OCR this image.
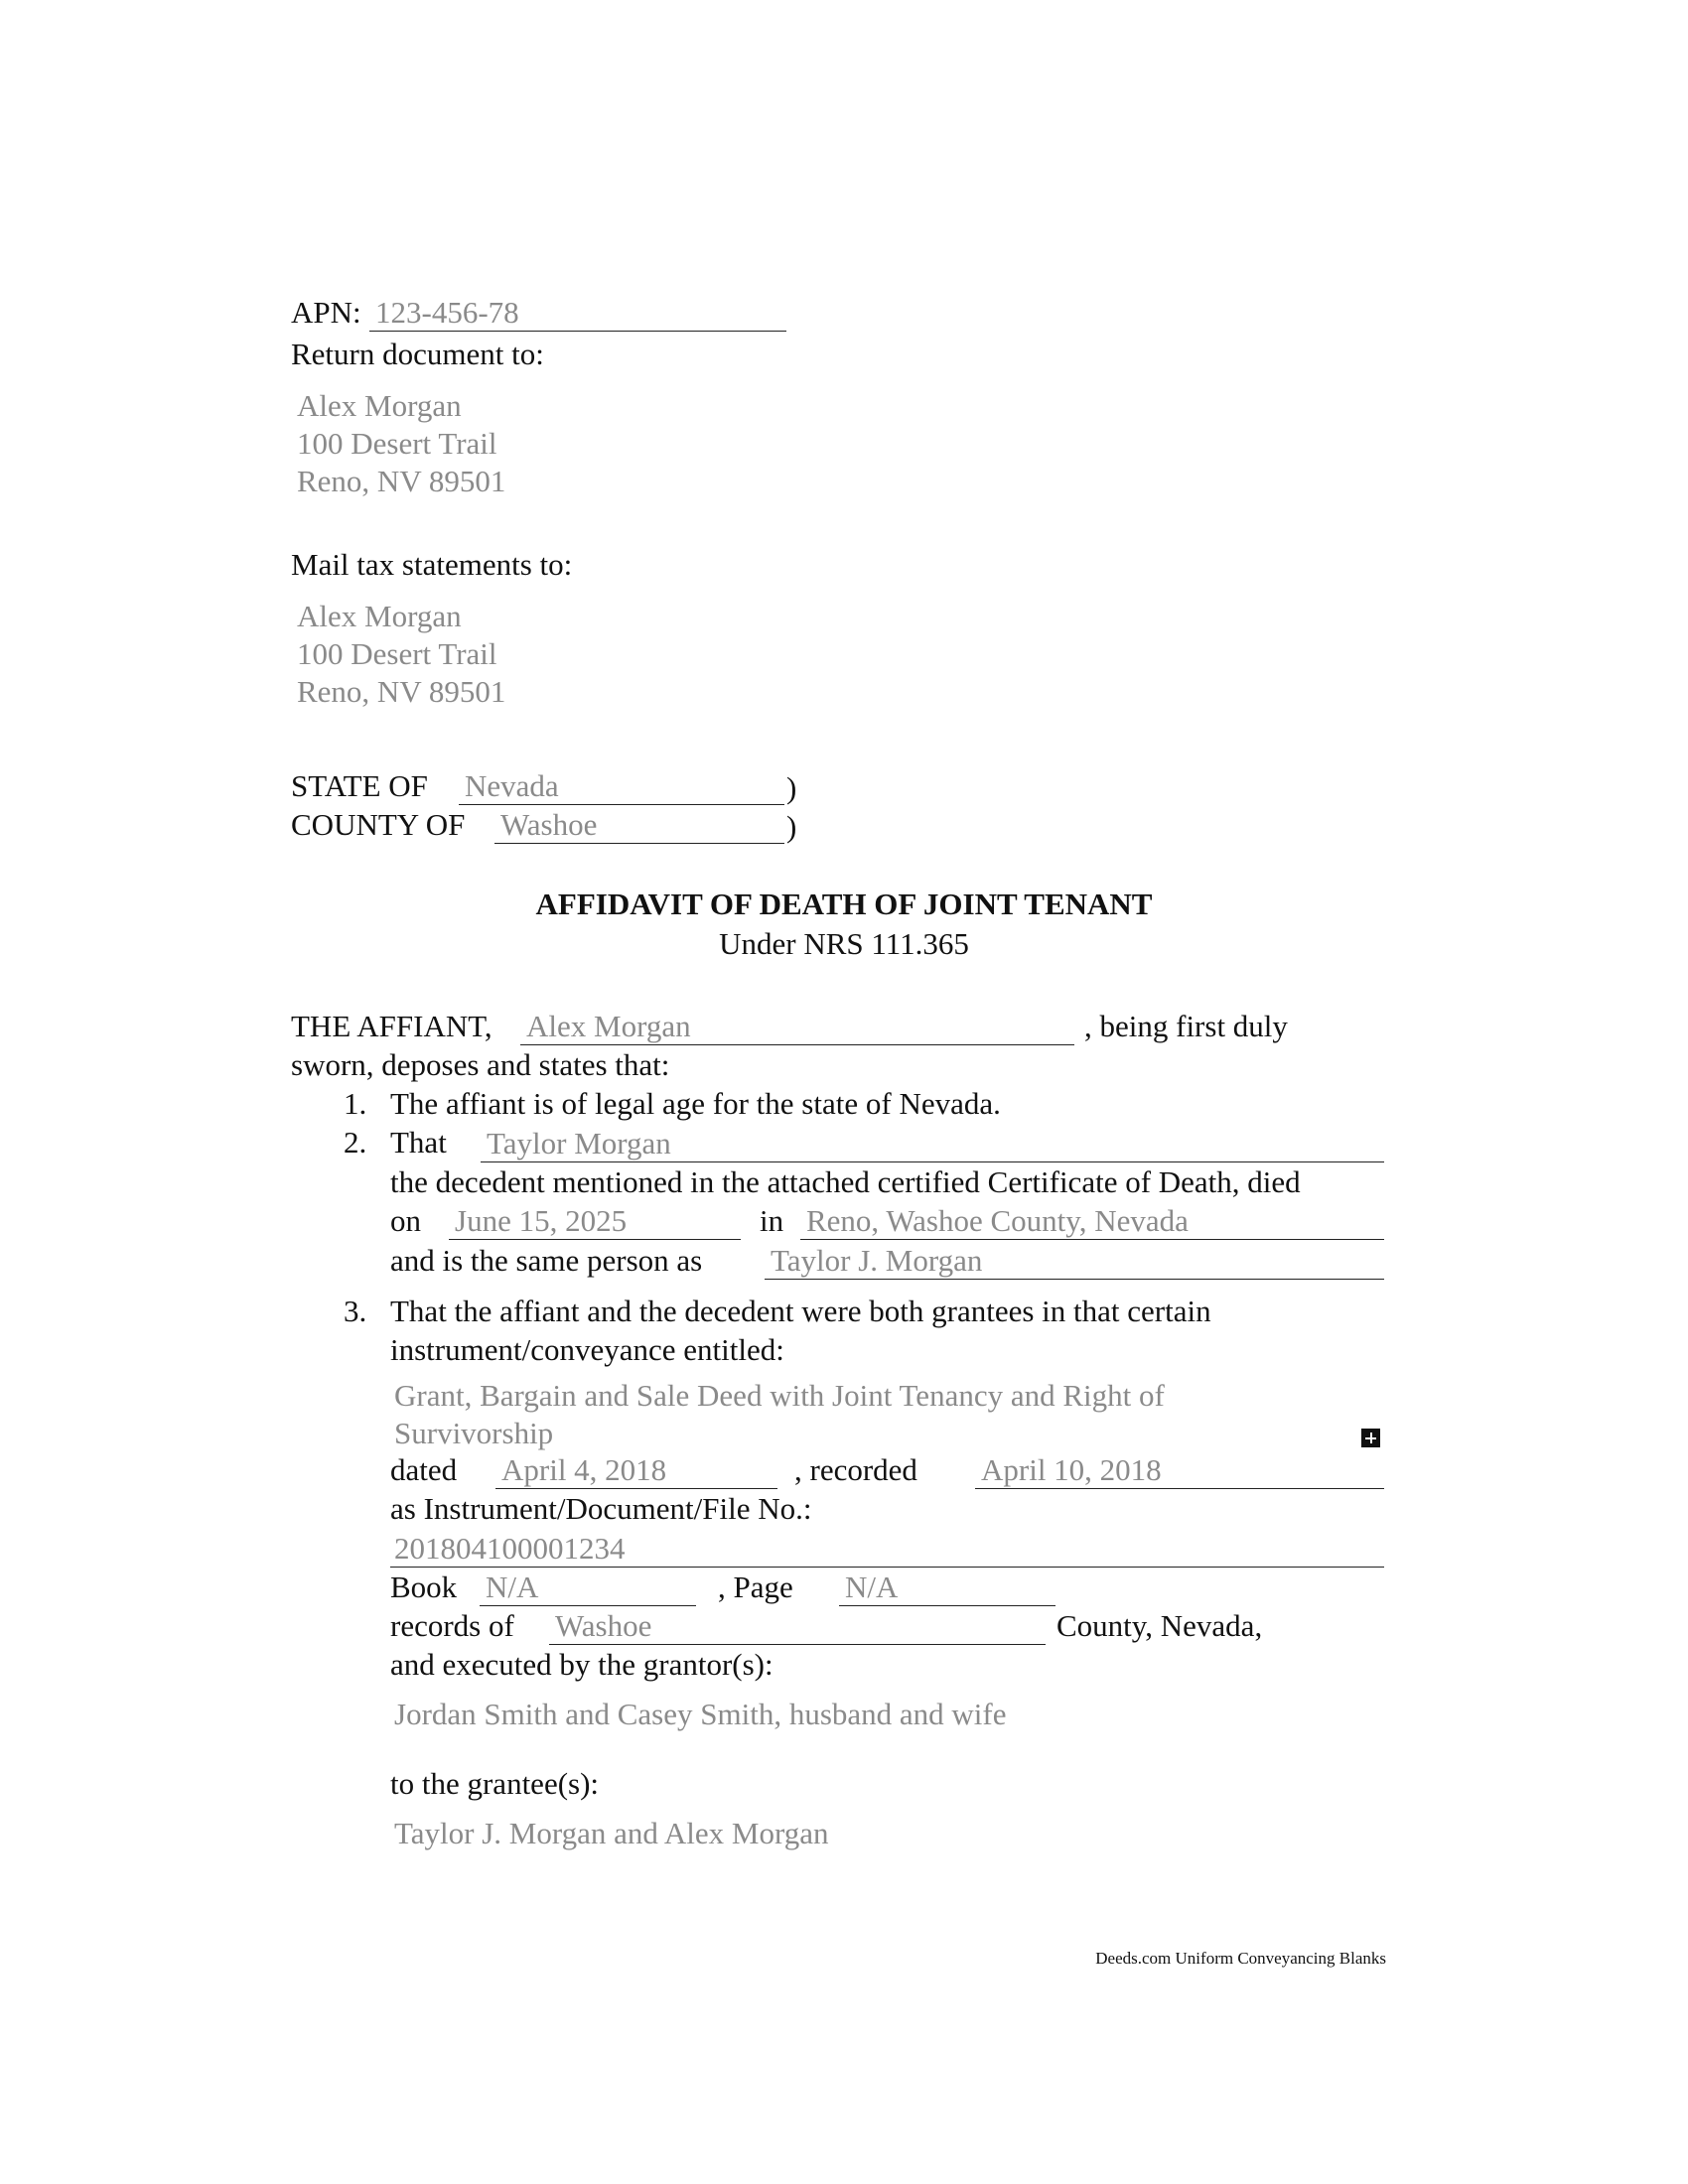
APN: 123-456-78
Return document to:
Alex Morgan
100 Desert Trail
Reno, NV 89501
Mail tax statements to:
Alex Morgan
100 Desert Trail
Reno, NV 89501
STATE OF Nevada	)
COUNTY OF Washoe	)
AFFIDAVIT OF DEATH OF JOINT TENANT
Under NRS 111.365
THE AFFIANT, Alex Morgan	, being first duly
sworn, deposes and states that:
1. The affiant is of legal age for the state of Nevada.
2. That Taylor Morgan
the decedent mentioned in the attached certified Certificate of Death, died
on June 15, 2025	in Reno, Washoe County, Nevada
and is the same person as Taylor J. Morgan
3. That the affiant and the decedent were both grantees in that certain
instrument/conveyance entitled:
Grant, Bargain and Sale Deed with Joint Tenancy and Right of
Survivorship
dated April 4, 2018	, recorded April 10, 2018
as Instrument/Document/File No.:
201804100001234
Book N/A	, Page N/A
records of Washoe	County, Nevada,
and executed by the grantor(s):
Jordan Smith and Casey Smith, husband and wife
to the grantee(s):
Taylor J. Morgan and Alex Morgan
Deeds.com Uniform Conveyancing Blanks
